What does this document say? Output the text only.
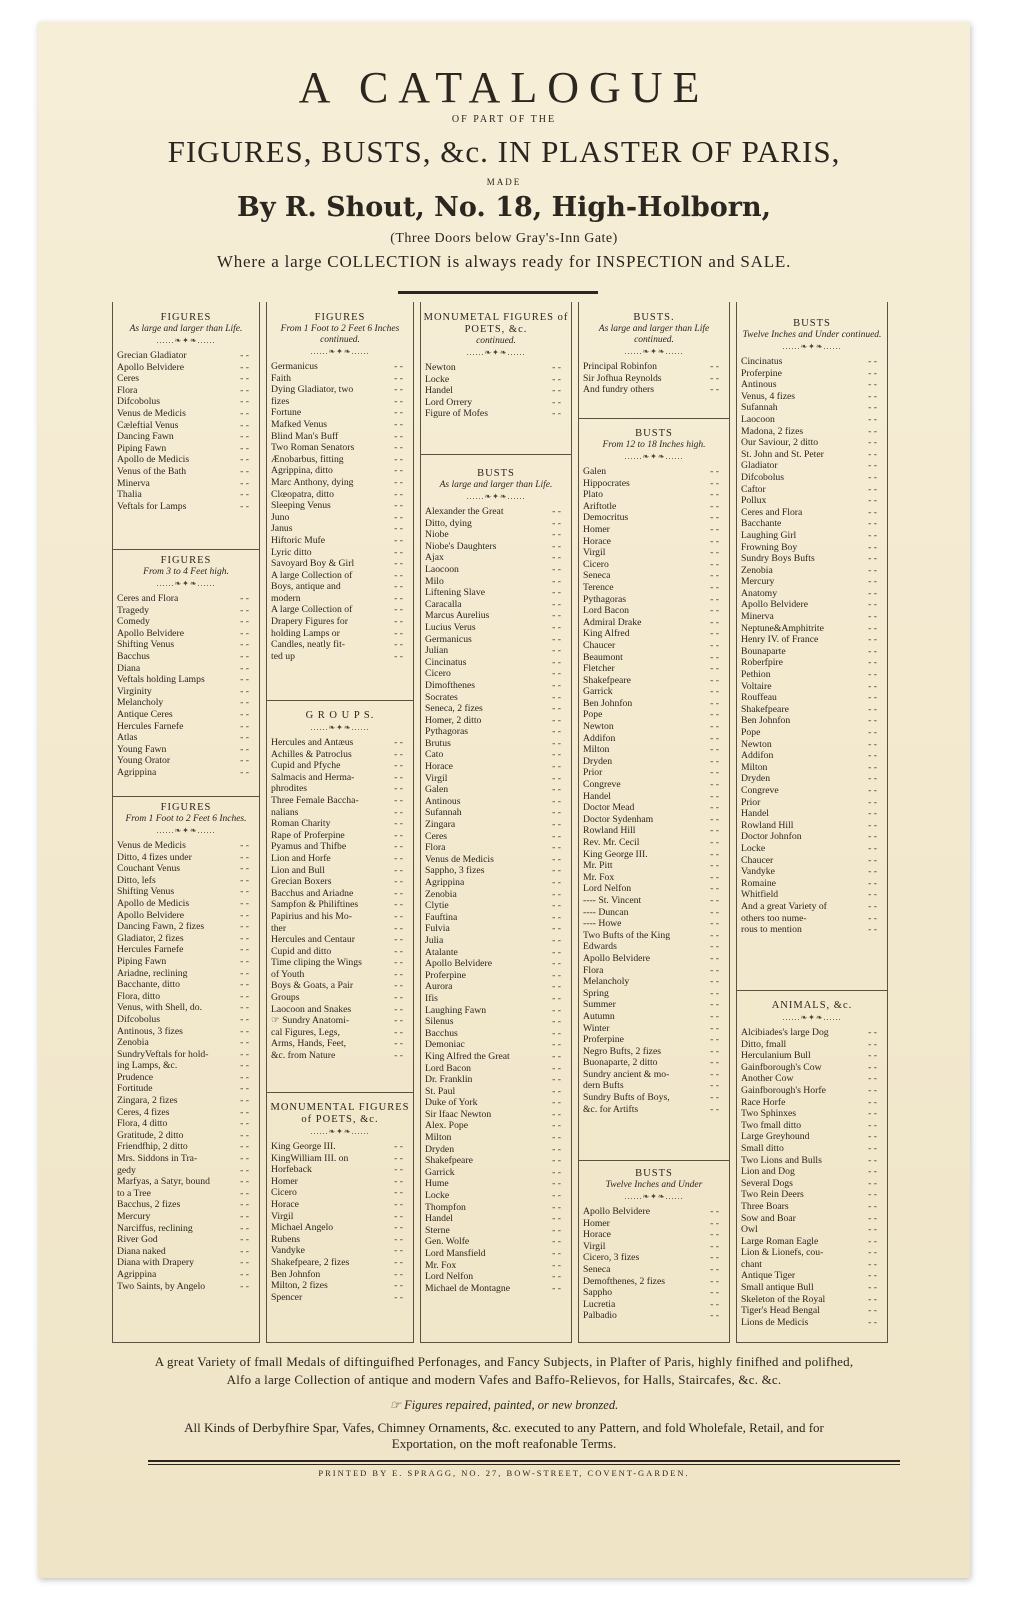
A CATALOGUE
OF PART OF THE
FIGURES, BUSTS, &c. IN PLASTER OF PARIS,
MADE
By R. Shout, No. 18, High-Holborn,
(Three Doors below Gray's-Inn Gate)
Where a large COLLECTION is always ready for INSPECTION and SALE.
FIGURES
As large and larger than Life.
......❧✦❧......
Grecian Gladiator - -
Apollo Belvidere - -
Ceres - -
Flora - -
Difcobolus - -
Venus de Medicis - -
Cæleftial Venus - -
Dancing Fawn - -
Piping Fawn - -
Apollo de Medicis - -
Venus of the Bath - -
Minerva - -
Thalia - -
Veftals for Lamps - -
FIGURES
From 3 to 4 Feet high.
......❧✦❧......
Ceres and Flora - -
Tragedy - -
Comedy - -
Apollo Belvidere - -
Shifting Venus - -
Bacchus - -
Diana - -
Veftals holding Lamps - -
Virginity - -
Melancholy - -
Antique Ceres - -
Hercules Farnefe - -
Atlas - -
Young Fawn - -
Young Orator - -
Agrippina - -
FIGURES
From 1 Foot to 2 Feet 6 Inches.
......❧✦❧......
Venus de Medicis - -
Ditto, 4 fizes under - -
Couchant Venus - -
Ditto, lefs - -
Shifting Venus - -
Apollo de Medicis - -
Apollo Belvidere - -
Dancing Fawn, 2 fizes - -
Gladiator, 2 fizes - -
Hercules Farnefe - -
Piping Fawn - -
Ariadne, reclining - -
Bacchante, ditto - -
Flora, ditto - -
Venus, with Shell, do. - -
Difcobolus - -
Antinous, 3 fizes - -
Zenobia - -
SundryVeftals for hold- - -
ing Lamps, &c. - -
Prudence - -
Fortitude - -
Zingara, 2 fizes - -
Ceres, 4 fizes - -
Flora, 4 ditto - -
Gratitude, 2 ditto - -
Friendfhip, 2 ditto - -
Mrs. Siddons in Tra- - -
gedy - -
Marfyas, a Satyr, bound - -
to a Tree - -
Bacchus, 2 fizes - -
Mercury - -
Narciffus, reclining - -
River God - -
Diana naked - -
Diana with Drapery - -
Agrippina - -
Two Saints, by Angelo - -
FIGURES
From 1 Foot to 2 Feet 6 Inches continued.
......❧✦❧......
Germanicus - -
Faith - -
Dying Gladiator, two - -
fizes - -
Fortune - -
Mafked Venus - -
Blind Man's Buff - -
Two Roman Senators - -
Ænobarbus, fitting - -
Agrippina, ditto - -
Marc Anthony, dying - -
Clœopatra, ditto - -
Sleeping Venus - -
Juno - -
Janus - -
Hiftoric Mufe - -
Lyric ditto - -
Savoyard Boy & Girl - -
A large Collection of - -
Boys, antique and - -
modern - -
A large Collection of - -
Drapery Figures for - -
holding Lamps or - -
Candles, neatly fit- - -
ted up - -
G R O U P S.
......❧✦❧......
Hercules and Antæus - -
Achilles & Patroclus - -
Cupid and Pfyche - -
Salmacis and Herma- - -
phrodites - -
Three Female Baccha- - -
nalians - -
Roman Charity - -
Rape of Proferpine - -
Pyamus and Thifbe - -
Lion and Horfe - -
Lion and Bull - -
Grecian Boxers - -
Bacchus and Ariadne - -
Sampfon & Philiftines - -
Papirius and his Mo- - -
ther - -
Hercules and Centaur - -
Cupid and ditto - -
Time cliping the Wings - -
of Youth - -
Boys & Goats, a Pair - -
Groups - -
Laocoon and Snakes - -
☞ Sundry Anatomi- - -
cal Figures, Legs, - -
Arms, Hands, Feet, - -
&c. from Nature - -
MONUMENTAL FIGURES of POETS, &c.
......❧✦❧......
King George III. - -
KingWilliam III. on - -
Horfeback - -
Homer - -
Cicero - -
Horace - -
Virgil - -
Michael Angelo - -
Rubens - -
Vandyke - -
Shakefpeare, 2 fizes - -
Ben Johnfon - -
Milton, 2 fizes - -
Spencer - -
MONUMETAL FIGURES of POETS, &c.
continued.
......❧✦❧......
Newton - -
Locke - -
Handel - -
Lord Orrery - -
Figure of Mofes - -
BUSTS
As large and larger than Life.
......❧✦❧......
Alexander the Great - -
Ditto, dying - -
Niobe - -
Niobe's Daughters - -
Ajax - -
Laocoon - -
Milo - -
Liftening Slave - -
Caracalla - -
Marcus Aurelius - -
Lucius Verus - -
Germanicus - -
Julian - -
Cincinatus - -
Cicero - -
Dimofthenes - -
Socrates - -
Seneca, 2 fizes - -
Homer, 2 ditto - -
Pythagoras - -
Brutus - -
Cato - -
Horace - -
Virgil - -
Galen - -
Antinous - -
Sufannah - -
Zingara - -
Ceres - -
Flora - -
Venus de Medicis - -
Sappho, 3 fizes - -
Agrippina - -
Zenobia - -
Clytie - -
Fauftina - -
Fulvia - -
Julia - -
Atalante - -
Apollo Belvidere - -
Proferpine - -
Aurora - -
Ifis - -
Laughing Fawn - -
Silenus - -
Bacchus - -
Demoniac - -
King Alfred the Great - -
Lord Bacon - -
Dr. Franklin - -
St. Paul - -
Duke of York - -
Sir Ifaac Newton - -
Alex. Pope - -
Milton - -
Dryden - -
Shakefpeare - -
Garrick - -
Hume - -
Locke - -
Thompfon - -
Handel - -
Sterne - -
Gen. Wolfe - -
Lord Mansfield - -
Mr. Fox - -
Lord Nelfon - -
Michael de Montagne - -
BUSTS.
As large and larger than Life continued.
......❧✦❧......
Principal Robinfon - -
Sir Jofhua Reynolds - -
And fundry others - -
BUSTS
From 12 to 18 Inches high.
......❧✦❧......
Galen - -
Hippocrates - -
Plato - -
Ariftotle - -
Democritus - -
Homer - -
Horace - -
Virgil - -
Cicero - -
Seneca - -
Terence - -
Pythagoras - -
Lord Bacon - -
Admiral Drake - -
King Alfred - -
Chaucer - -
Beaumont - -
Fletcher - -
Shakefpeare - -
Garrick - -
Ben Johnfon - -
Pope - -
Newton - -
Addifon - -
Milton - -
Dryden - -
Prior - -
Congreve - -
Handel - -
Doctor Mead - -
Doctor Sydenham - -
Rowland Hill - -
Rev. Mr. Cecil - -
King George III. - -
Mr. Pitt - -
Mr. Fox - -
Lord Nelfon - -
---- St. Vincent - -
---- Duncan - -
---- Howe - -
Two Bufts of the King - -
Edwards - -
Apollo Belvidere - -
Flora - -
Melancholy - -
Spring - -
Summer - -
Autumn - -
Winter - -
Proferpine - -
Negro Bufts, 2 fizes - -
Buonaparte, 2 ditto - -
Sundry ancient & mo- - -
dern Bufts - -
Sundry Bufts of Boys, - -
&c. for Artifts - -
BUSTS
Twelve Inches and Under
......❧✦❧......
Apollo Belvidere - -
Homer - -
Horace - -
Virgil - -
Cicero, 3 fizes - -
Seneca - -
Demofthenes, 2 fizes - -
Sappho - -
Lucretia - -
Palbadio - -
BUSTS
Twelve Inches and Under continued.
......❧✦❧......
Cincinatus - -
Proferpine - -
Antinous - -
Venus, 4 fizes - -
Sufannah - -
Laocoon - -
Madona, 2 fizes - -
Our Saviour, 2 ditto - -
St. John and St. Peter - -
Gladiator - -
Difcobolus - -
Caftor - -
Pollux - -
Ceres and Flora - -
Bacchante - -
Laughing Girl - -
Frowning Boy - -
Sundry Boys Bufts - -
Zenobia - -
Mercury - -
Anatomy - -
Apollo Belvidere - -
Minerva - -
Neptune&Amphitrite - -
Henry IV. of France - -
Bounaparte - -
Roberfpire - -
Pethion - -
Voltaire - -
Rouffeau - -
Shakefpeare - -
Ben Johnfon - -
Pope - -
Newton - -
Addifon - -
Milton - -
Dryden - -
Congreve - -
Prior - -
Handel - -
Rowland Hill - -
Doctor Johnfon - -
Locke - -
Chaucer - -
Vandyke - -
Romaine - -
Whitfield - -
And a great Variety of - -
others too nume- - -
rous to mention - -
ANIMALS, &c.
......❧✦❧......
Alcibiades's large Dog - -
Ditto, fmall - -
Herculanium Bull - -
Gainfborough's Cow - -
Another Cow - -
Gainfborough's Horfe - -
Race Horfe - -
Two Sphinxes - -
Two fmall ditto - -
Large Greyhound - -
Small ditto - -
Two Lions and Bulls - -
Lion and Dog - -
Several Dogs - -
Two Rein Deers - -
Three Boars - -
Sow and Boar - -
Owl - -
Large Roman Eagle - -
Lion & Lionefs, cou- - -
chant - -
Antique Tiger - -
Small antique Bull - -
Skeleton of the Royal - -
Tiger's Head Bengal - -
Lions de Medicis - -
A great Variety of fmall Medals of diftinguifhed Perfonages, and Fancy Subjects, in Plafter of Paris, highly finifhed and polifhed,
Alfo a large Collection of antique and modern Vafes and Baffo-Relievos, for Halls, Staircafes, &c. &c.
☞ Figures repaired, painted, or new bronzed.
All Kinds of Derbyfhire Spar, Vafes, Chimney Ornaments, &c. executed to any Pattern, and fold Wholefale, Retail, and for
Exportation, on the moft reafonable Terms.
PRINTED BY E. SPRAGG, NO. 27, BOW-STREET, COVENT-GARDEN.
